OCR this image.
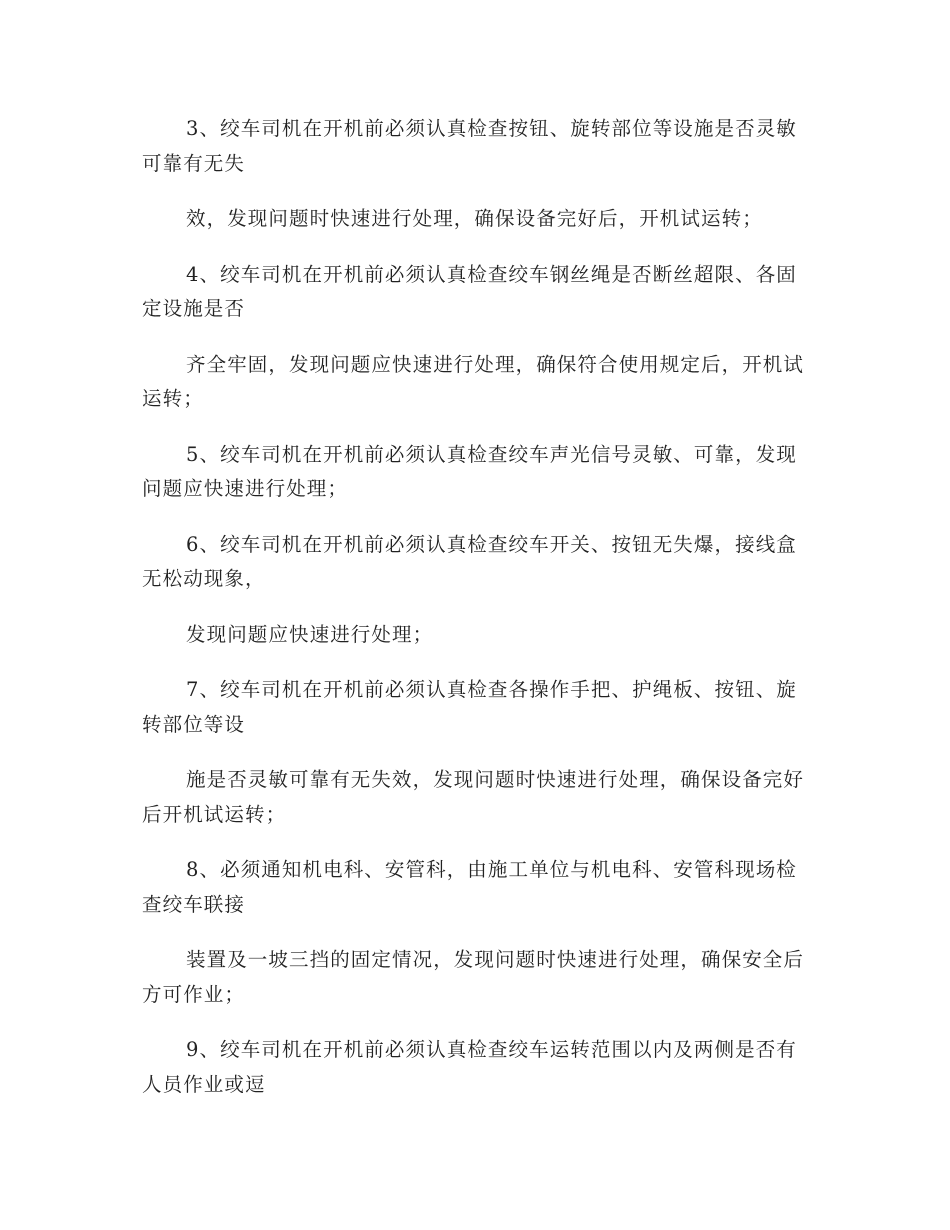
3、绞车司机在开机前必须认真检查按钮、旋转部位等设施是否灵敏可靠有无失

效，发现问题时快速进行处理，确保设备完好后，开机试运转；

4、绞车司机在开机前必须认真检查绞车钢丝绳是否断丝超限、各固定设施是否

齐全牢固，发现问题应快速进行处理，确保符合使用规定后，开机试运转；

5、绞车司机在开机前必须认真检查绞车声光信号灵敏、可靠，发现问题应快速进行处理；

6、绞车司机在开机前必须认真检查绞车开关、按钮无失爆，接线盒无松动现象，

发现问题应快速进行处理；

7、绞车司机在开机前必须认真检查各操作手把、护绳板、按钮、旋转部位等设

施是否灵敏可靠有无失效，发现问题时快速进行处理，确保设备完好后开机试运转；

8、必须通知机电科、安管科，由施工单位与机电科、安管科现场检查绞车联接

装置及一坡三挡的固定情况，发现问题时快速进行处理，确保安全后方可作业；

9、绞车司机在开机前必须认真检查绞车运转范围以内及两侧是否有人员作业或逗
